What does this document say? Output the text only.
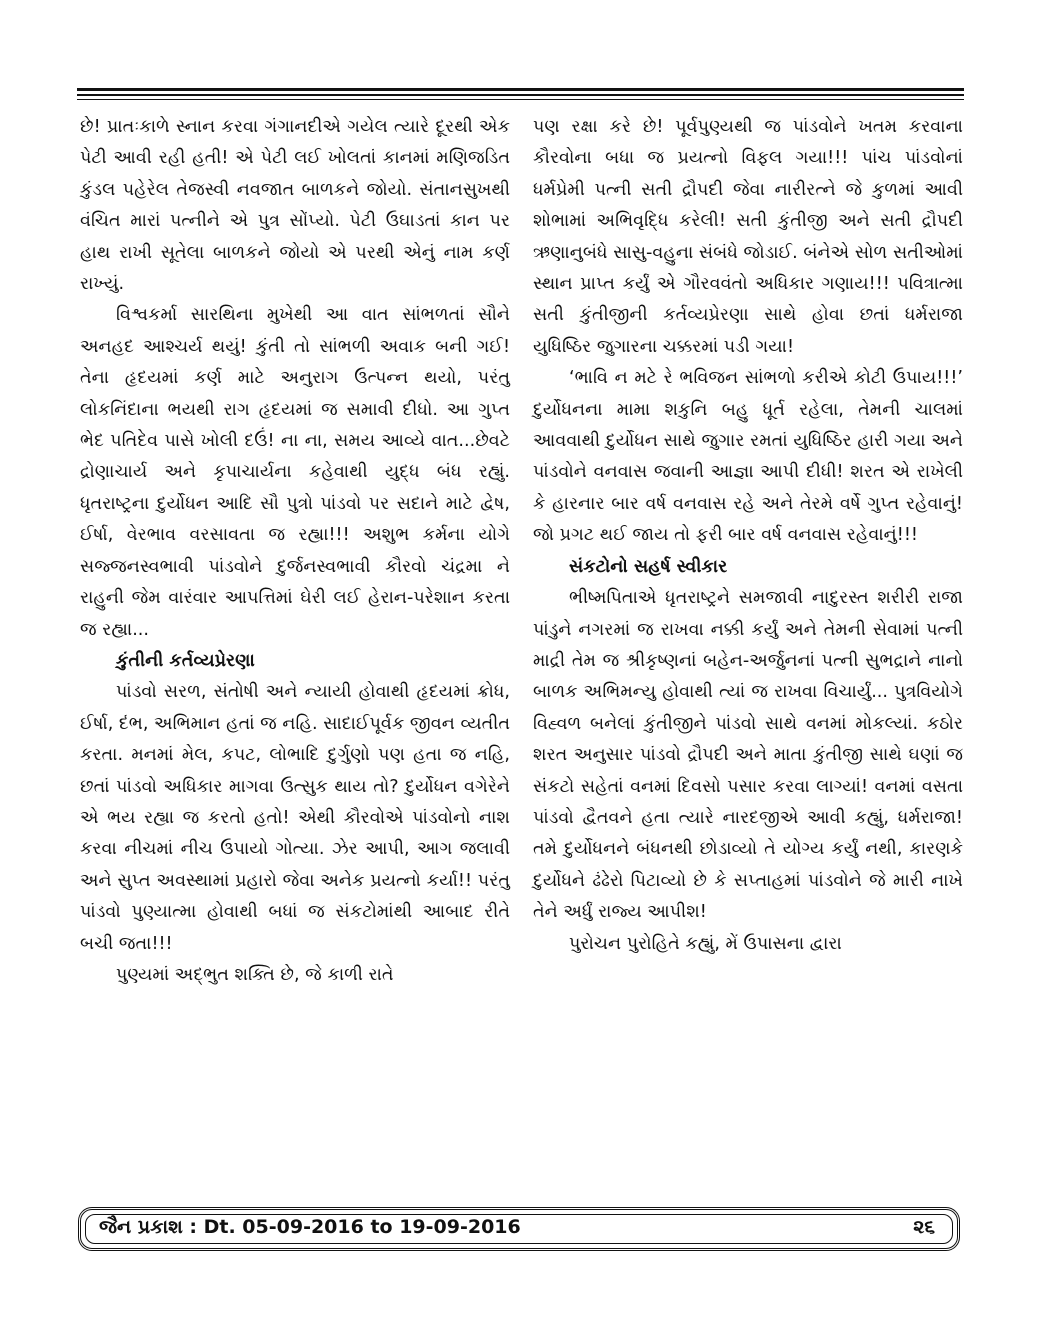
છે! પ્રાતઃકાળે સ્નાન કરવા ગંગાનદીએ ગયેલ ત્યારે દૂરથી એક પેટી આવી રહી હતી! એ પેટી લઈ ખોલતાં કાનમાં મણિજડિત કુંડલ પહેરેલ તેજસ્વી નવજાત બાળકને જોયો. સંતાનસુખથી વંચિત મારાં પત્નીને એ પુત્ર સોંપ્યો. પેટી ઉઘાડતાં કાન પર હાથ રાખી સૂતેલા બાળકને જોયો એ પરથી એનું નામ કર્ણ રાખ્યું.

વિશ્વકર્મા સારથિના મુખેથી આ વાત સાંભળતાં સૌને અનહદ આશ્ચર્ય થયું! કુંતી તો સાંભળી અવાક બની ગઈ! તેના હૃદયમાં કર્ણ માટે અનુરાગ ઉત્પન્ન થયો, પરંતુ લોકનિંદાના ભયથી રાગ હૃદયમાં જ સમાવી દીધો. આ ગુપ્ત ભેદ પતિદેવ પાસે ખોલી દઉં! ના ના, સમય આવ્યે વાત...છેવટે દ્રોણાચાર્ય અને કૃપાચાર્યના કહેવાથી યુદ્ધ બંધ રહ્યું. ધૃતરાષ્ટ્રના દુર્યોધન આદિ સૌ પુત્રો પાંડવો પર સદાને માટે દ્વેષ, ઈર્ષા, વેરભાવ વરસાવતા જ રહ્યા!!! અશુભ કર્મના યોગે સજ્જનસ્વભાવી પાંડવોને દુર્જનસ્વભાવી કૌરવો ચંદ્રમા ને રાહુની જેમ વારંવાર આપત્તિમાં ઘેરી લઈ હેરાન-પરેશાન કરતા જ રહ્યા...

કુંતીની કર્તવ્યપ્રેરણા

પાંડવો સરળ, સંતોષી અને ન્યાયી હોવાથી હૃદયમાં ક્રોધ, ઈર્ષા, દંભ, અભિમાન હતાં જ નહિ. સાદાઈપૂર્વક જીવન વ્યતીત કરતા. મનમાં મેલ, કપટ, લોભાદિ દુર્ગુણો પણ હતા જ નહિ, છતાં પાંડવો અધિકાર માગવા ઉત્સુક થાય તો? દુર્યોધન વગેરેને એ ભય રહ્યા જ કરતો હતો! એથી કૌરવોએ પાંડવોનો નાશ કરવા નીચમાં નીચ ઉપાયો ગોત્યા. ઝેર આપી, આગ જલાવી અને સુપ્ત અવસ્થામાં પ્રહારો જેવા અનેક પ્રયત્નો કર્યા!! પરંતુ પાંડવો પુણ્યાત્મા હોવાથી બધાં જ સંકટોમાંથી આબાદ રીતે બચી જતા!!!

પુણ્યમાં અદ્ભુત શક્તિ છે, જે કાળી રાતે

પણ રક્ષા કરે છે! પૂર્વપુણ્યથી જ પાંડવોને ખતમ કરવાના કૌરવોના બધા જ પ્રયત્નો વિફલ ગયા!!! પાંચ પાંડવોનાં ધર્મપ્રેમી પત્ની સતી દ્રૌપદી જેવા નારીરત્ને જે કુળમાં આવી શોભામાં અભિવૃદ્ધિ કરેલી! સતી કુંતીજી અને સતી દ્રૌપદી ઋણાનુબંધે સાસુ-વહુના સંબંધે જોડાઈ. બંનેએ સોળ સતીઓમાં સ્થાન પ્રાપ્ત કર્યું એ ગૌરવવંતો અધિકાર ગણાય!!! પવિત્રાત્મા સતી કુંતીજીની કર્તવ્યપ્રેરણા સાથે હોવા છતાં ધર્મરાજા યુધિષ્ઠિર જુગારના ચક્કરમાં પડી ગયા!

‘ભાવિ ન મટે રે ભવિજન સાંભળો કરીએ કોટી ઉપાય!!!’ દુર્યોધનના મામા શકુનિ બહુ ધૂર્ત રહેલા, તેમની ચાલમાં આવવાથી દુર્યોધન સાથે જુગાર રમતાં યુધિષ્ઠિર હારી ગયા અને પાંડવોને વનવાસ જવાની આજ્ઞા આપી દીધી! શરત એ રાખેલી કે હારનાર બાર વર્ષ વનવાસ રહે અને તેરમે વર્ષે ગુપ્ત રહેવાનું! જો પ્રગટ થઈ જાય તો ફરી બાર વર્ષ વનવાસ રહેવાનું!!!

સંકટોનો સહર્ષ સ્વીકાર

ભીષ્મપિતાએ ધૃતરાષ્ટ્રને સમજાવી નાદુરસ્ત શરીરી રાજા પાંડુને નગરમાં જ રાખવા નક્કી કર્યું અને તેમની સેવામાં પત્ની માદ્રી તેમ જ શ્રીકૃષ્ણનાં બહેન-અર્જુનનાં પત્ની સુભદ્રાને નાનો બાળક અભિમન્યુ હોવાથી ત્યાં જ રાખવા વિચાર્યું... પુત્રવિયોગે વિહ્વળ બનેલાં કુંતીજીને પાંડવો સાથે વનમાં મોકલ્યાં. કઠોર શરત અનુસાર પાંડવો દ્રૌપદી અને માતા કુંતીજી સાથે ઘણાં જ સંકટો સહેતાં વનમાં દિવસો પસાર કરવા લાગ્યાં! વનમાં વસતા પાંડવો દ્વૈતવને હતા ત્યારે નારદજીએ આવી કહ્યું, ધર્મરાજા! તમે દુર્યોધનને બંધનથી છોડાવ્યો તે યોગ્ય કર્યું નથી, કારણકે દુર્યોધને ઢંઢેરો પિટાવ્યો છે કે સપ્તાહમાં પાંડવોને જે મારી નાખે તેને અર્ધું રાજ્ય આપીશ!

પુરોચન પુરોહિતે કહ્યું, મેં ઉપાસના દ્વારા

જૈન પ્રકાશ : Dt. 05-09-2016 to 19-09-2016	૨૬
